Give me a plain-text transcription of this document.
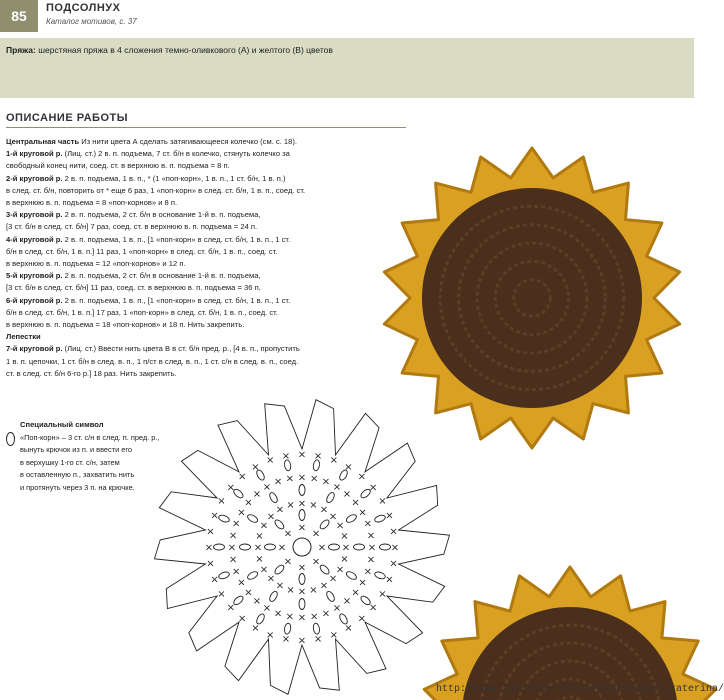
85 ПОДСОЛНУХ
Каталог мотивов, с. 37
Пряжа: шерстяная пряжа в 4 сложения темно-оливкового (А) и желтого (В) цветов
ОПИСАНИЕ РАБОТЫ
Центральная часть Из нити цвета А сделать затягивающееся колечко (см. с. 18).
1-й круговой р. (Лиц. ст.) 2 в. п. подъема, 7 ст. б/н в колечко, стянуть колечко за
свободный конец нити, соед. ст. в верхнюю в. п. подъема = 8 п.
2-й круговой р. 2 в. п. подъема, 1 в. п., * (1 «поп-корн», 1 в. п., 1 ст. б/н, 1 в. п.)
в след. ст. б/н, повторить от * еще 6 раз, 1 «поп-корн» в след. ст. б/н, 1 в. п., соед. ст.
в верхнюю в. п. подъема = 8 «поп-корнов» и 8 п.
3-й круговой р. 2 в. п. подъема, 2 ст. б/н в основание 1-й в. п. подъема,
[3 ст. б/н в след. ст. б/н] 7 раз, соед. ст. в верхнюю в. п. подъема = 24 п.
4-й круговой р. 2 в. п. подъема, 1 в. п., [1 «поп-корн» в след. ст. б/н, 1 в. п., 1 ст.
б/н в след. ст. б/н, 1 в. п.] 11 раз, 1 «поп-корн» в след. ст. б/н, 1 в. п., соед. ст.
в верхнюю в. п. подъема = 12 «поп-корнов» и 12 п.
5-й круговой р. 2 в. п. подъема, 2 ст. б/н в основание 1-й в. п. подъема,
[3 ст. б/н в след. ст. б/н] 11 раз, соед. ст. в верхнюю в. п. подъема = 36 п.
6-й круговой р. 2 в. п. подъема, 1 в. п., [1 «поп-корн» в след. ст. б/н, 1 в. п., 1 ст.
б/н в след. ст. б/н, 1 в. п.] 17 раз, 1 «поп-корн» в след. ст. б/н, 1 в. п., соед. ст.
в верхнюю в. п. подъема = 18 «поп-корнов» и 18 п. Нить закрепить.
Лепестки
7-й круговой р. (Лиц. ст.) Ввести нить цвета В в ст. б/н пред. р., [4 в. п., пропустить
1 в. п. цепочки, 1 ст. б/н в след. в. п., 1 п/ст в след. в. п., 1 ст. с/н в след. в. п., соед.
ст. в след. ст. б/н 6-го р.] 18 раз. Нить закрепить.
Специальный символ
«Поп-корн» – 3 ст. с/н в след. п. пред. р.,
вынуть крючок из п. и ввести его
в верхушку 1-го ст. с/н, затем
в оставленную п., захватить нить
и протянуть через 3 п. на крючке.
×
×
×
×
×
×
×
×
×
×
×
×
×
×
×
×
×
×
×
×
×
×
×
×
× × × × ×
×
×
×
×
×
×
×
×
×
×
×
×
×
×
×
×
×
×
×
×
×
×
×
×
×
×
×
× × × × × × ×
×
×
×
×
×
×
×
×
×
×
×
×
×
×
×
×
×
×
×
×
×
×
×
×
×
×
×
×
×
×
× × × × ×
×
×
×
×
×
×
http://www.liveinternet.ru/users/queen_katerina/
